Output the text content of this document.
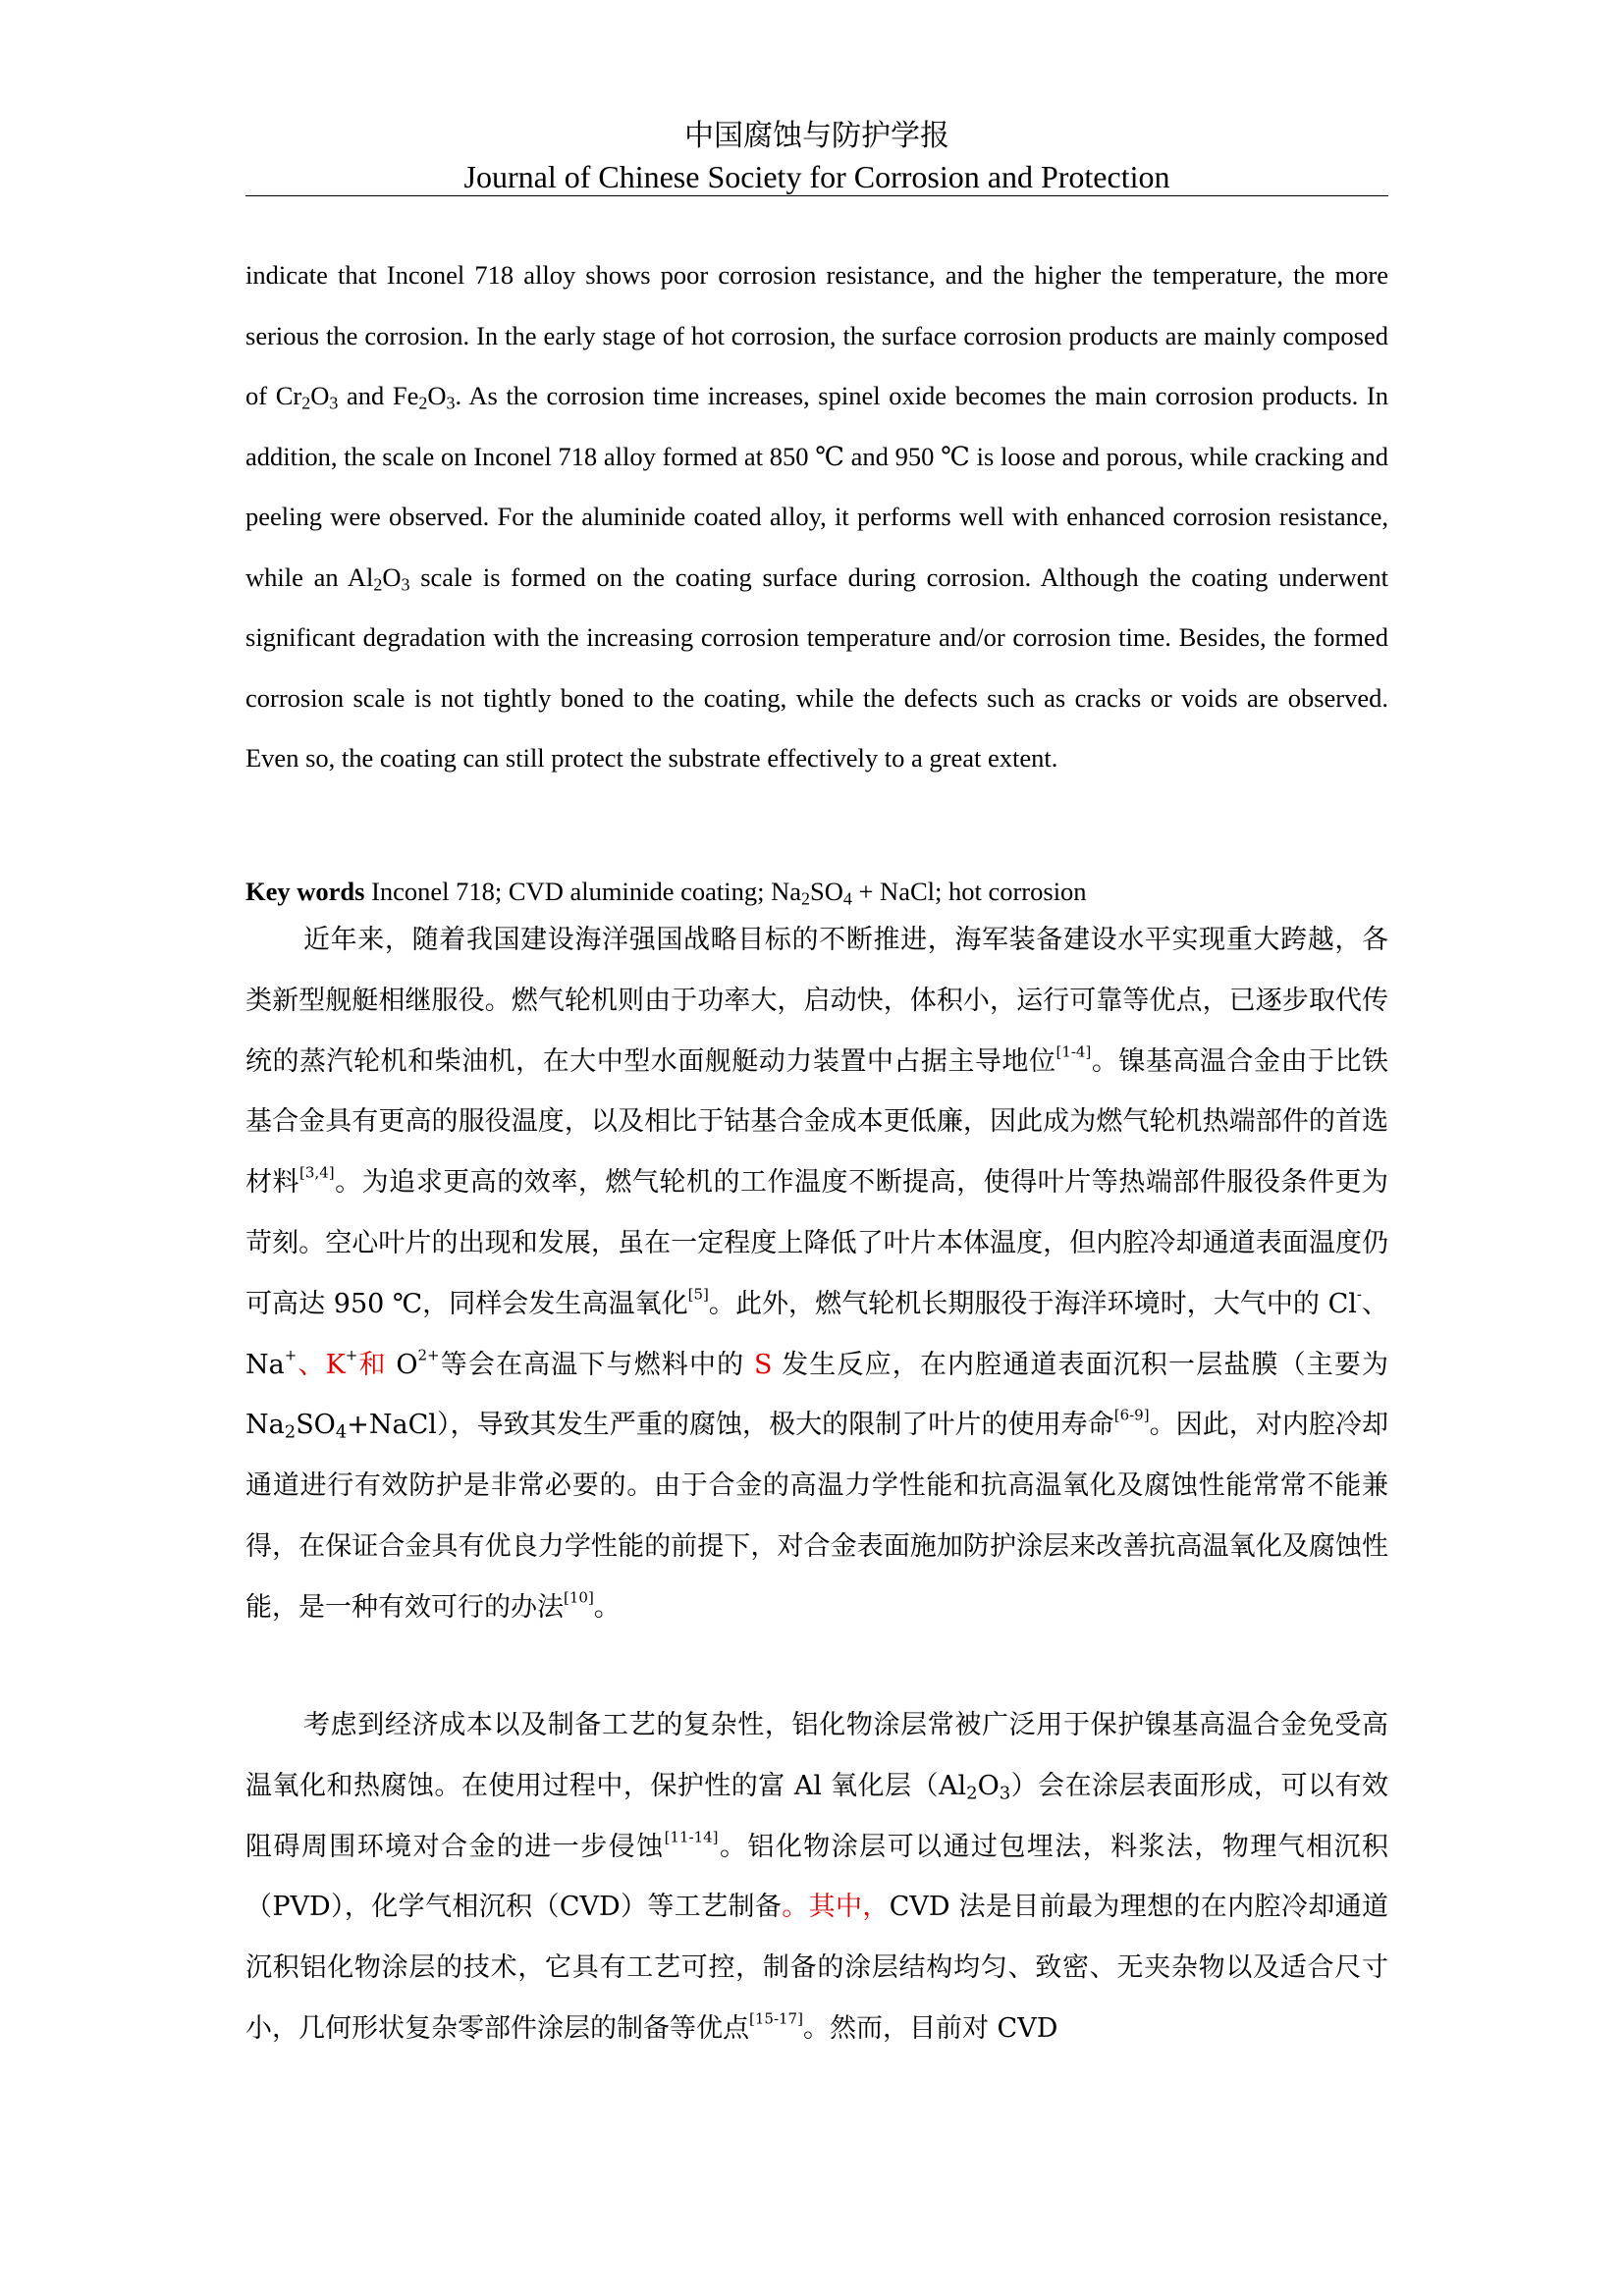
中国腐蚀与防护学报

Journal of Chinese Society for Corrosion and Protection

indicate that Inconel 718 alloy shows poor corrosion resistance, and the higher the temperature, the more serious the corrosion. In the early stage of hot corrosion, the surface corrosion products are mainly composed of $Cr_2O_3$ and $Fe_2O_3$. As the corrosion time increases, spinel oxide becomes the main corrosion products. In addition, the scale on Inconel 718 alloy formed at 850 ℃ and 950 ℃ is loose and porous, while cracking and peeling were observed. For the aluminide coated alloy, it performs well with enhanced corrosion resistance, while an $Al_2O_3$ scale is formed on the coating surface during corrosion. Although the coating underwent significant degradation with the increasing corrosion temperature and/or corrosion time. Besides, the formed corrosion scale is not tightly boned to the coating, while the defects such as cracks or voids are observed. Even so, the coating can still protect the substrate effectively to a great extent.

Key words Inconel 718; CVD aluminide coating; $Na_2SO_4$ + NaCl; hot corrosion

近年来，随着我国建设海洋强国战略目标的不断推进，海军装备建设水平实现重大跨越，各类新型舰艇相继服役。燃气轮机则由于功率大，启动快，体积小，运行可靠等优点，已逐步取代传统的蒸汽轮机和柴油机，在大中型水面舰艇动力装置中占据主导地位[1-4]。镍基高温合金由于比铁基合金具有更高的服役温度，以及相比于钴基合金成本更低廉，因此成为燃气轮机热端部件的首选材料[3,4]。为追求更高的效率，燃气轮机的工作温度不断提高，使得叶片等热端部件服役条件更为苛刻。空心叶片的出现和发展，虽在一定程度上降低了叶片本体温度，但内腔冷却通道表面温度仍可高达 950 ℃，同样会发生高温氧化[5]。此外，燃气轮机长期服役于海洋环境时，大气中的 Cl-、Na+、K+和 $O^{2+}$等会在高温下与燃料中的 S 发生反应，在内腔通道表面沉积一层盐膜（主要为 $Na_2SO_4+NaCl$），导致其发生严重的腐蚀，极大的限制了叶片的使用寿命[6-9]。因此，对内腔冷却通道进行有效防护是非常必要的。由于合金的高温力学性能和抗高温氧化及腐蚀性能常常不能兼得，在保证合金具有优良力学性能的前提下，对合金表面施加防护涂层来改善抗高温氧化及腐蚀性能，是一种有效可行的办法[10]。

考虑到经济成本以及制备工艺的复杂性，铝化物涂层常被广泛用于保护镍基高温合金免受高温氧化和热腐蚀。在使用过程中，保护性的富 Al 氧化层$(Al_2O_3)$会在涂层表面形成，可以有效阻碍周围环境对合金的进一步侵蚀[11-14]。铝化物涂层可以通过包埋法，料浆法，物理气相沉积（PVD），化学气相沉积（CVD）等工艺制备。其中，CVD 法是目前最为理想的在内腔冷却通道沉积铝化物涂层的技术，它具有工艺可控，制备的涂层结构均匀、致密、无夹杂物以及适合尺寸小，几何形状复杂零部件涂层的制备等优点[15-17]。然而，目前对 CVD
